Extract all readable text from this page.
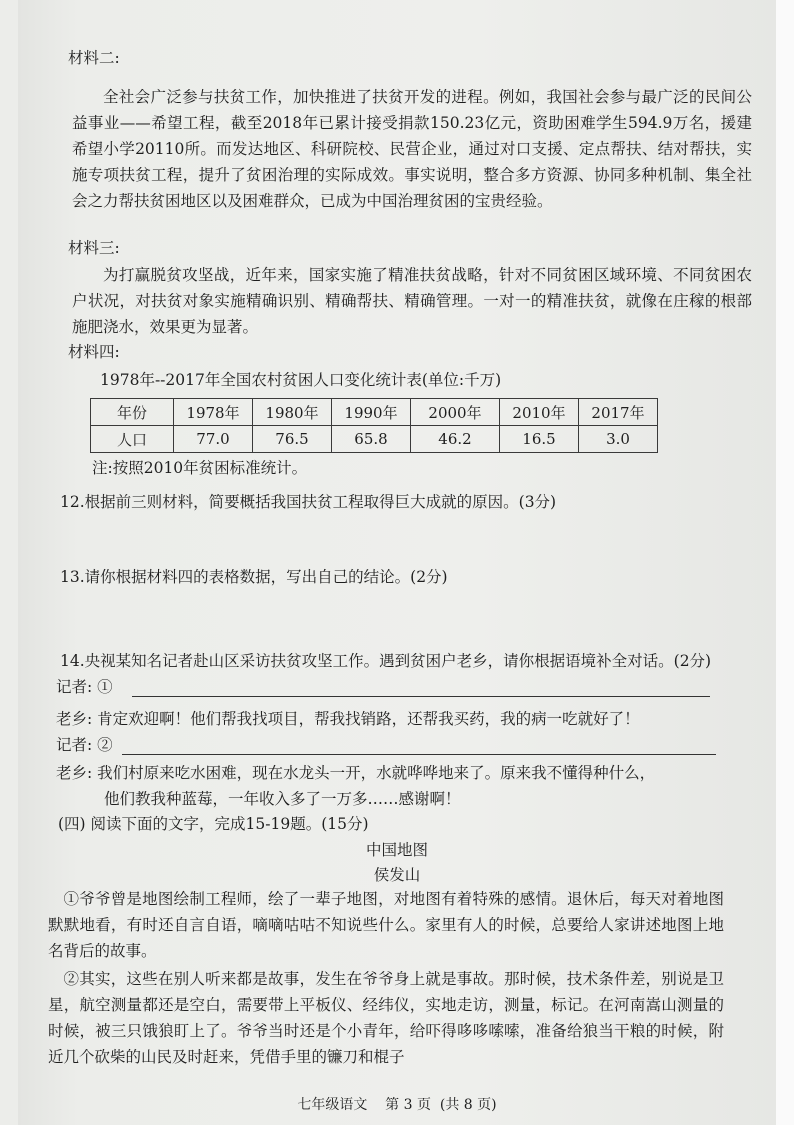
材料二:

全社会广泛参与扶贫工作，加快推进了扶贫开发的进程。例如，我国社会参与最广泛的民间公益事业——希望工程，截至2018年已累计接受捐款150.23亿元，资助困难学生594.9万名，援建希望小学20110所。而发达地区、科研院校、民营企业，通过对口支援、定点帮扶、结对帮扶，实施专项扶贫工程，提升了贫困治理的实际成效。事实说明，整合多方资源、协同多种机制、集全社会之力帮扶贫困地区以及困难群众，已成为中国治理贫困的宝贵经验。

材料三:

为打赢脱贫攻坚战，近年来，国家实施了精准扶贫战略，针对不同贫困区域环境、不同贫困农户状况，对扶贫对象实施精确识别、精确帮扶、精确管理。一对一的精准扶贫，就像在庄稼的根部施肥浇水，效果更为显著。

材料四:
1978年--2017年全国农村贫困人口变化统计表(单位:千万)
年份	1978年	1980年	1990年	2000年	2010年	2017年
人口	77.0	76.5	65.8	46.2	16.5	3.0
注:按照2010年贫困标准统计。
12.根据前三则材料，简要概括我国扶贫工程取得巨大成就的原因。(3分)
13.请你根据材料四的表格数据，写出自己的结论。(2分)
14.央视某知名记者赴山区采访扶贫攻坚工作。遇到贫困户老乡，请你根据语境补全对话。(2分)
记者: ①
老乡: 肯定欢迎啊！他们帮我找项目，帮我找销路，还帮我买药，我的病一吃就好了！
记者: ②
老乡: 我们村原来吃水困难，现在水龙头一开，水就哗哗地来了。原来我不懂得种什么，
他们教我种蓝莓，一年收入多了一万多……感谢啊！
(四) 阅读下面的文字，完成15-19题。(15分)
中国地图
侯发山

①爷爷曾是地图绘制工程师，绘了一辈子地图，对地图有着特殊的感情。退休后，每天对着地图默默地看，有时还自言自语，嘀嘀咕咕不知说些什么。家里有人的时候，总要给人家讲述地图上地名背后的故事。

②其实，这些在别人听来都是故事，发生在爷爷身上就是事故。那时候，技术条件差，别说是卫星，航空测量都还是空白，需要带上平板仪、经纬仪，实地走访，测量，标记。在河南嵩山测量的时候，被三只饿狼盯上了。爷爷当时还是个小青年，给吓得哆哆嗦嗦，准备给狼当干粮的时候，附近几个砍柴的山民及时赶来，凭借手里的镰刀和棍子

七年级语文    第 3 页  (共 8 页)
